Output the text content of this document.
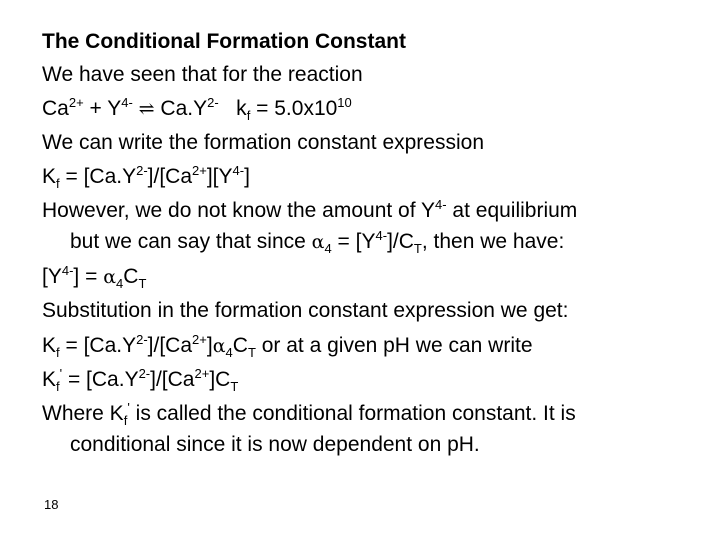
The Conditional Formation Constant
We have seen that for the reaction
$Ca^{2+} + Y^{4-}$ ⇌ $Ca.Y^{2-}$   $k_f = 5.0x10^{10}$
We can write the formation constant expression
$K_f = [Ca.Y^{2-}]/[Ca^{2+}][Y^{4-}]$
However, we do not know the amount of $Y^{4-}$ at equilibrium
but we can say that since $\alpha_4 = [Y^{4-}]/C_T$, then we have:
$[Y^{4-}] = \alpha_4C_T$
Substitution in the formation constant expression we get:
$K_f = [Ca.Y^{2-}]/[Ca^{2+}]\alpha_4C_T$ or at a given pH we can write
$K_f' = [Ca.Y^{2-}]/[Ca^{2+}]C_T$
Where $K_f'$ is called the conditional formation constant. It is
conditional since it is now dependent on pH.
18
